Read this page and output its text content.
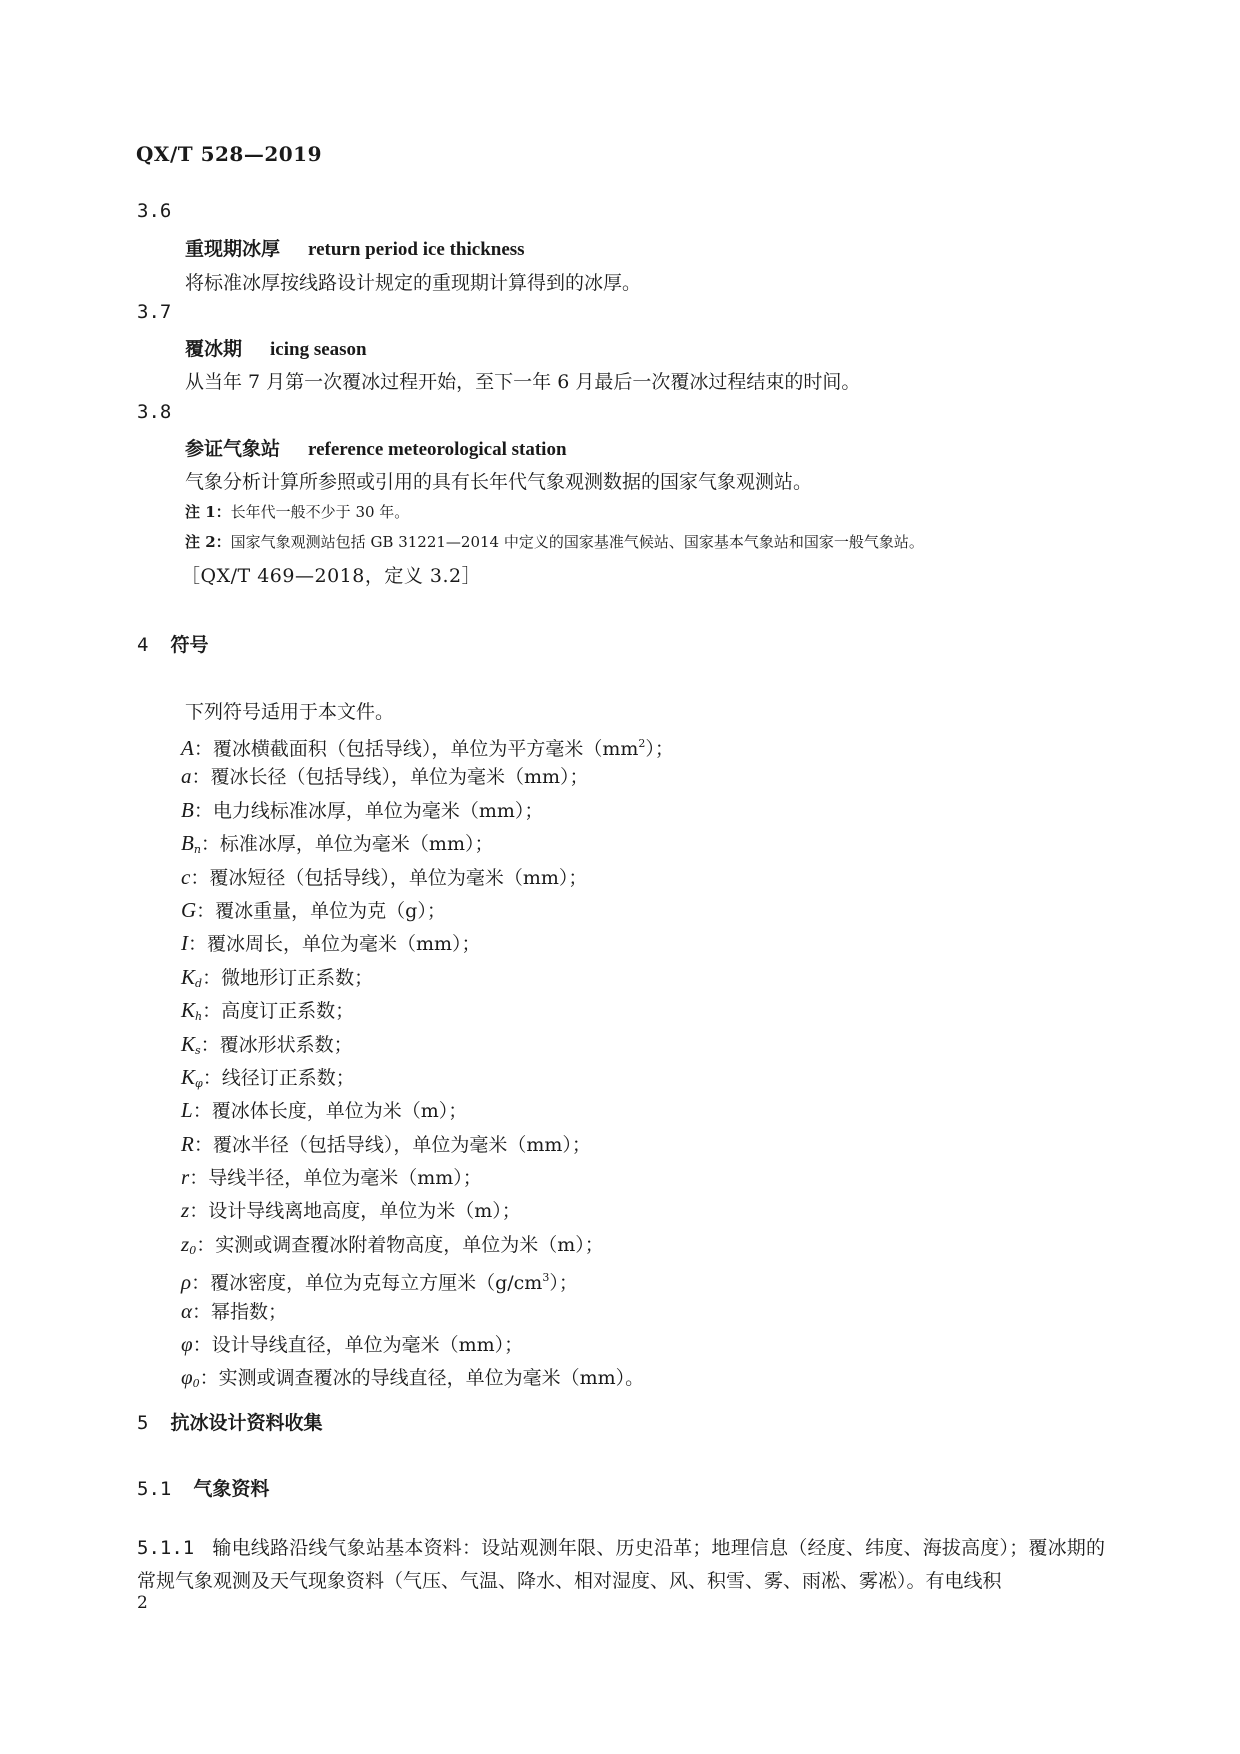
QX/T 528—2019
3.6
重现期冰厚 return period ice thickness
将标准冰厚按线路设计规定的重现期计算得到的冰厚。
3.7
覆冰期 icing season
从当年 7 月第一次覆冰过程开始，至下一年 6 月最后一次覆冰过程结束的时间。
3.8
参证气象站 reference meteorological station
气象分析计算所参照或引用的具有长年代气象观测数据的国家气象观测站。
注 1：长年代一般不少于 30 年。
注 2：国家气象观测站包括 GB 31221—2014 中定义的国家基准气候站、国家基本气象站和国家一般气象站。
［QX/T 469—2018，定义 3.2］
4 符号
下列符号适用于本文件。
A：覆冰横截面积（包括导线），单位为平方毫米$(mm^2)$；
a：覆冰长径（包括导线），单位为毫米（mm）；
B：电力线标准冰厚，单位为毫米（mm）；
$B_n$：标准冰厚，单位为毫米（mm）；
c：覆冰短径（包括导线），单位为毫米（mm）；
G：覆冰重量，单位为克（g）；
I：覆冰周长，单位为毫米（mm）；
$K_d$：微地形订正系数；
$K_h$：高度订正系数；
$K_s$：覆冰形状系数；
$K_\varphi$：线径订正系数；
L：覆冰体长度，单位为米（m）；
R：覆冰半径（包括导线），单位为毫米（mm）；
r：导线半径，单位为毫米（mm）；
z：设计导线离地高度，单位为米（m）；
$z_0$：实测或调查覆冰附着物高度，单位为米（m）；
ρ：覆冰密度，单位为克每立方厘米$(g/cm^3)$；
α：幂指数；
φ：设计导线直径，单位为毫米（mm）；
$\varphi_0$：实测或调查覆冰的导线直径，单位为毫米（mm）。
5 抗冰设计资料收集
5.1 气象资料
5.1.1 输电线路沿线气象站基本资料：设站观测年限、历史沿革；地理信息（经度、纬度、海拔高度）；覆冰期的常规气象观测及天气现象资料（气压、气温、降水、相对湿度、风、积雪、雾、雨凇、雾凇）。有电线积
2
